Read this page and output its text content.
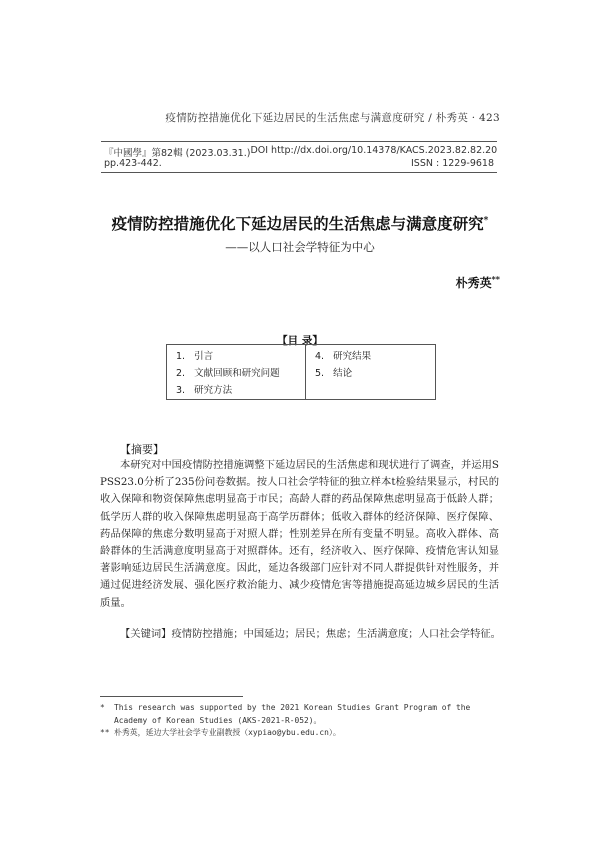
疫情防控措施优化下延边居民的生活焦虑与满意度研究 / 朴秀英 · 423
『中國學』第82輯 (2023.03.31.) DOI http://dx.doi.org/10.14378/KACS.2023.82.82.20
pp.423-442.	ISSN : 1229-9618
疫情防控措施优化下延边居民的生活焦虑与满意度研究*
——以人口社会学特征为中心
朴秀英**
【目 录】
1. 引言
2. 文献回顾和研究问题
3. 研究方法
4. 研究结果
5. 结论
【摘要】
本研究对中国疫情防控措施调整下延边居民的生活焦虑和现状进行了调查，并运用SPSS23.0分析了235份问卷数据。按人口社会学特征的独立样本t检验结果显示，村民的收入保障和物资保障焦虑明显高于市民；高龄人群的药品保障焦虑明显高于低龄人群；低学历人群的收入保障焦虑明显高于高学历群体；低收入群体的经济保障、医疗保障、药品保障的焦虑分数明显高于对照人群；性别差异在所有变量不明显。高收入群体、高龄群体的生活满意度明显高于对照群体。还有，经济收入、医疗保障、疫情危害认知显著影响延边居民生活满意度。因此，延边各级部门应针对不同人群提供针对性服务，并通过促进经济发展、强化医疗救治能力、减少疫情危害等措施提高延边城乡居民的生活质量。
【关键词】疫情防控措施；中国延边；居民；焦虑；生活满意度；人口社会学特征。
*	This research was supported by the 2021 Korean Studies Grant Program of the Academy of Korean Studies (AKS-2021-R-052)。
** 朴秀英，延边大学社会学专业副教授（xypiao@ybu.edu.cn）。
